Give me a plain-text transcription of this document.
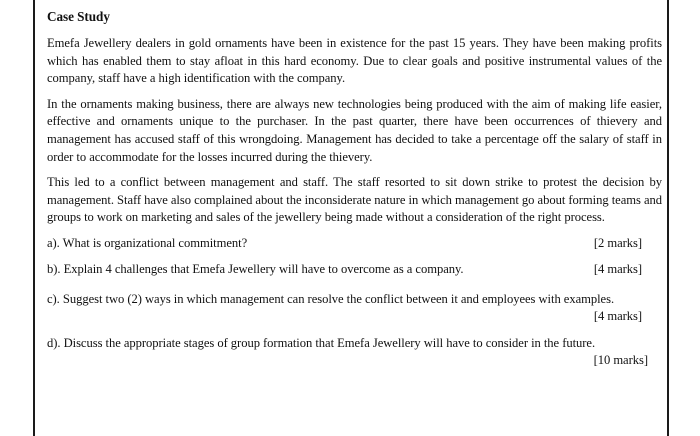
Case Study

Emefa Jewellery dealers in gold ornaments have been in existence for the past 15 years. They have been making profits which has enabled them to stay afloat in this hard economy. Due to clear goals and positive instrumental values of the company, staff have a high identification with the company.

In the ornaments making business, there are always new technologies being produced with the aim of making life easier, effective and ornaments unique to the purchaser. In the past quarter, there have been occurrences of thievery and management has accused staff of this wrongdoing. Management has decided to take a percentage off the salary of staff in order to accommodate for the losses incurred during the thievery.

This led to a conflict between management and staff. The staff resorted to sit down strike to protest the decision by management. Staff have also complained about the inconsiderate nature in which management go about forming teams and groups to work on marketing and sales of the jewellery being made without a consideration of the right process.

a). What is organizational commitment?	[2 marks]
b). Explain 4 challenges that Emefa Jewellery will have to overcome as a company.	[4 marks]
c). Suggest two (2) ways in which management can resolve the conflict between it and employees with examples.
[4 marks]
d). Discuss the appropriate stages of group formation that Emefa Jewellery will have to consider in the future.
[10 marks]
